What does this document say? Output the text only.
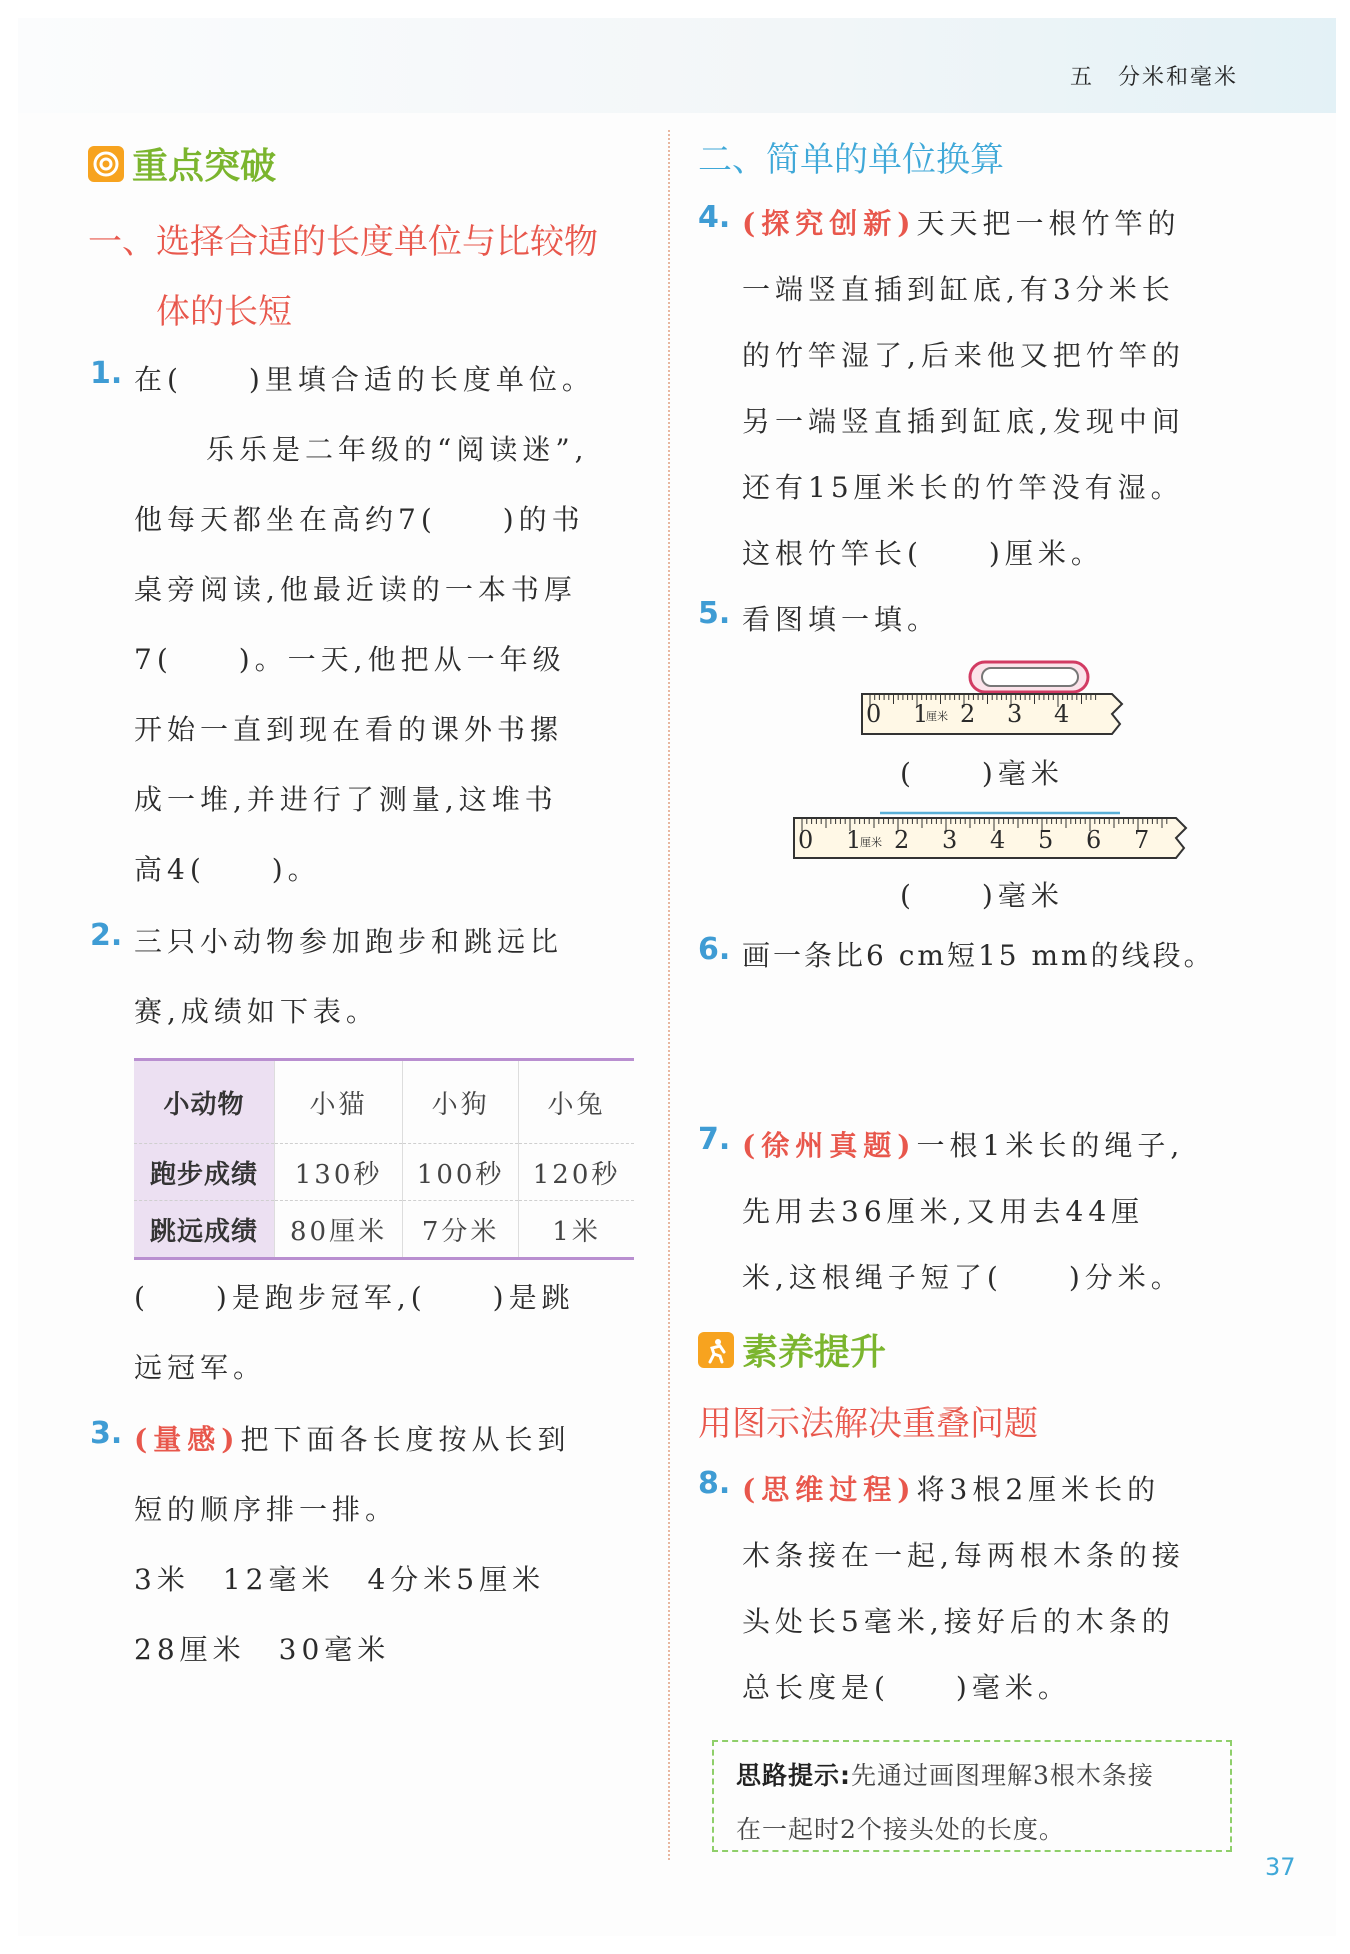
五　分米和毫米
重点突破
一、选择合适的长度单位与比较物
体的长短
1. 在(　　)里填合适的长度单位。
乐乐是二年级的“阅读迷”,
他每天都坐在高约7(　　)的书
桌旁阅读,他最近读的一本书厚
7(　　)。一天,他把从一年级
开始一直到现在看的课外书摞
成一堆,并进行了测量,这堆书
高4(　　)。
2. 三只小动物参加跑步和跳远比
赛,成绩如下表。
小动物	小猫	小狗	小兔
跑步成绩	130秒	100秒	120秒
跳远成绩	80厘米	7分米	1米
(　　)是跑步冠军,(　　)是跳
远冠军。
3. (量感)把下面各长度按从长到
短的顺序排一排。
3米　12毫米　4分米5厘米
28厘米　30毫米
二、简单的单位换算
4. (探究创新)天天把一根竹竿的
一端竖直插到缸底,有3分米长
的竹竿湿了,后来他又把竹竿的
另一端竖直插到缸底,发现中间
还有15厘米长的竹竿没有湿。
这根竹竿长(　　)厘米。
5. 看图填一填。
0 1
厘米 2 3 4
(　　)毫米
0 1
厘米 2 3 4 5 6 7
(　　)毫米
6. 画一条比6 cm短15 mm的线段。
7. (徐州真题)一根1米长的绳子,
先用去36厘米,又用去44厘
米,这根绳子短了(　　)分米。
素养提升
用图示法解决重叠问题
8. (思维过程)将3根2厘米长的
木条接在一起,每两根木条的接
头处长5毫米,接好后的木条的
总长度是(　　)毫米。
思路提示:先通过画图理解3根木条接
在一起时2个接头处的长度。
37
